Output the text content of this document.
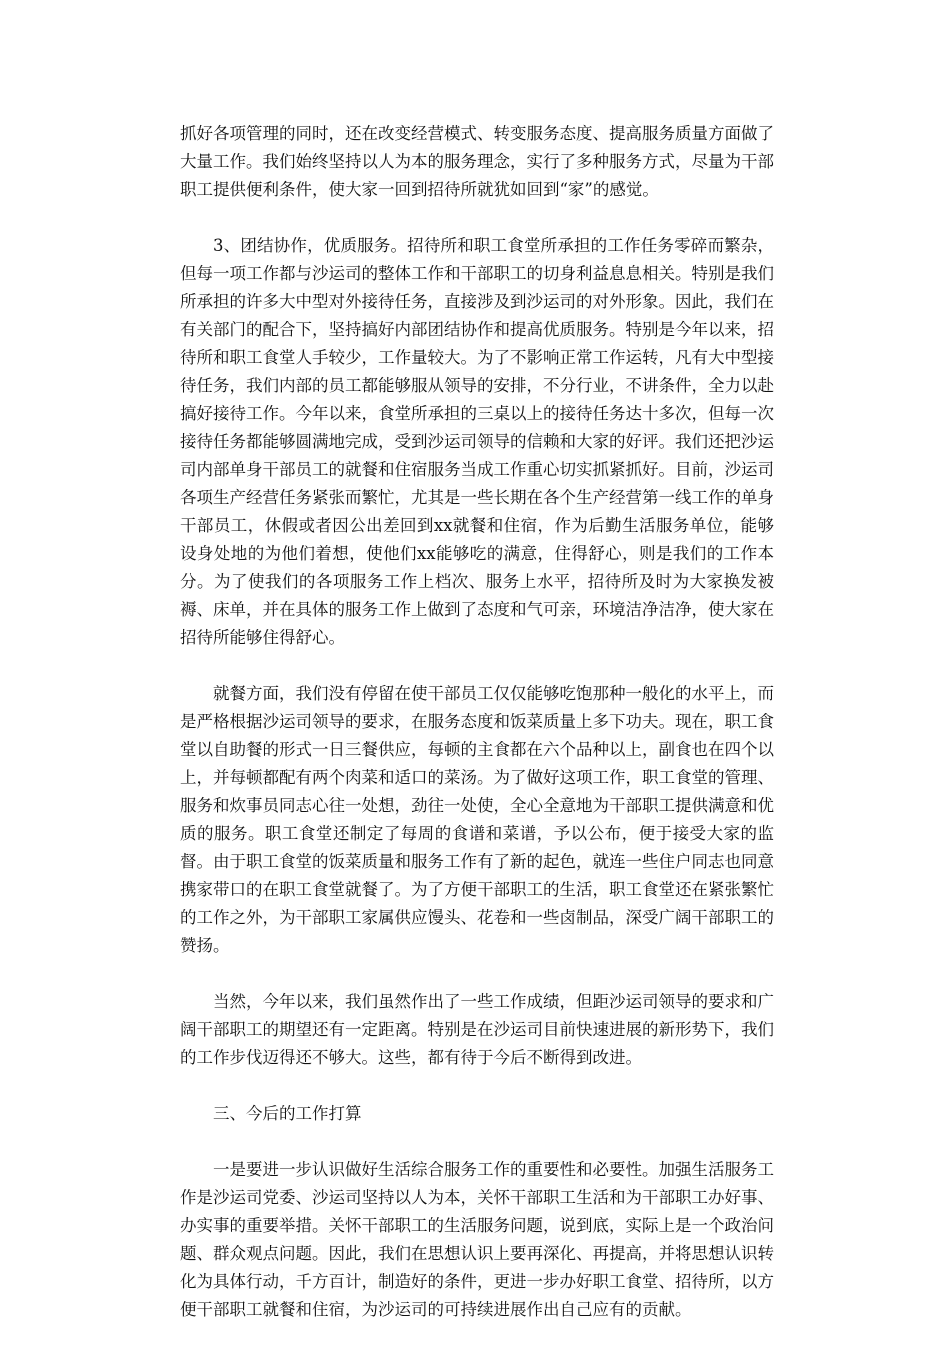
抓好各项管理的同时，还在改变经营模式、转变服务态度、提高服务质量方面做了大量工作。我们始终坚持以人为本的服务理念，实行了多种服务方式，尽量为干部职工提供便利条件，使大家一回到招待所就犹如回到“家”的感觉。

3、团结协作，优质服务。招待所和职工食堂所承担的工作任务零碎而繁杂，但每一项工作都与沙运司的整体工作和干部职工的切身利益息息相关。特别是我们所承担的许多大中型对外接待任务，直接涉及到沙运司的对外形象。因此，我们在有关部门的配合下，坚持搞好内部团结协作和提高优质服务。特别是今年以来，招待所和职工食堂人手较少，工作量较大。为了不影响正常工作运转，凡有大中型接待任务，我们内部的员工都能够服从领导的安排，不分行业，不讲条件，全力以赴搞好接待工作。今年以来，食堂所承担的三桌以上的接待任务达十多次，但每一次接待任务都能够圆满地完成，受到沙运司领导的信赖和大家的好评。我们还把沙运司内部单身干部员工的就餐和住宿服务当成工作重心切实抓紧抓好。目前，沙运司各项生产经营任务紧张而繁忙，尤其是一些长期在各个生产经营第一线工作的单身干部员工，休假或者因公出差回到xx就餐和住宿，作为后勤生活服务单位，能够设身处地的为他们着想，使他们xx能够吃的满意，住得舒心，则是我们的工作本分。为了使我们的各项服务工作上档次、服务上水平，招待所及时为大家换发被褥、床单，并在具体的服务工作上做到了态度和气可亲，环境洁净洁净，使大家在招待所能够住得舒心。

就餐方面，我们没有停留在使干部员工仅仅能够吃饱那种一般化的水平上，而是严格根据沙运司领导的要求，在服务态度和饭菜质量上多下功夫。现在，职工食堂以自助餐的形式一日三餐供应，每顿的主食都在六个品种以上，副食也在四个以上，并每顿都配有两个肉菜和适口的菜汤。为了做好这项工作，职工食堂的管理、服务和炊事员同志心往一处想，劲往一处使，全心全意地为干部职工提供满意和优质的服务。职工食堂还制定了每周的食谱和菜谱，予以公布，便于接受大家的监督。由于职工食堂的饭菜质量和服务工作有了新的起色，就连一些住户同志也同意携家带口的在职工食堂就餐了。为了方便干部职工的生活，职工食堂还在紧张繁忙的工作之外，为干部职工家属供应馒头、花卷和一些卤制品，深受广阔干部职工的赞扬。

当然，今年以来，我们虽然作出了一些工作成绩，但距沙运司领导的要求和广阔干部职工的期望还有一定距离。特别是在沙运司目前快速进展的新形势下，我们的工作步伐迈得还不够大。这些，都有待于今后不断得到改进。

三、今后的工作打算

一是要进一步认识做好生活综合服务工作的重要性和必要性。加强生活服务工作是沙运司党委、沙运司坚持以人为本，关怀干部职工生活和为干部职工办好事、办实事的重要举措。关怀干部职工的生活服务问题，说到底，实际上是一个政治问题、群众观点问题。因此，我们在思想认识上要再深化、再提高，并将思想认识转化为具体行动，千方百计，制造好的条件，更进一步办好职工食堂、招待所，以方便干部职工就餐和住宿，为沙运司的可持续进展作出自己应有的贡献。
